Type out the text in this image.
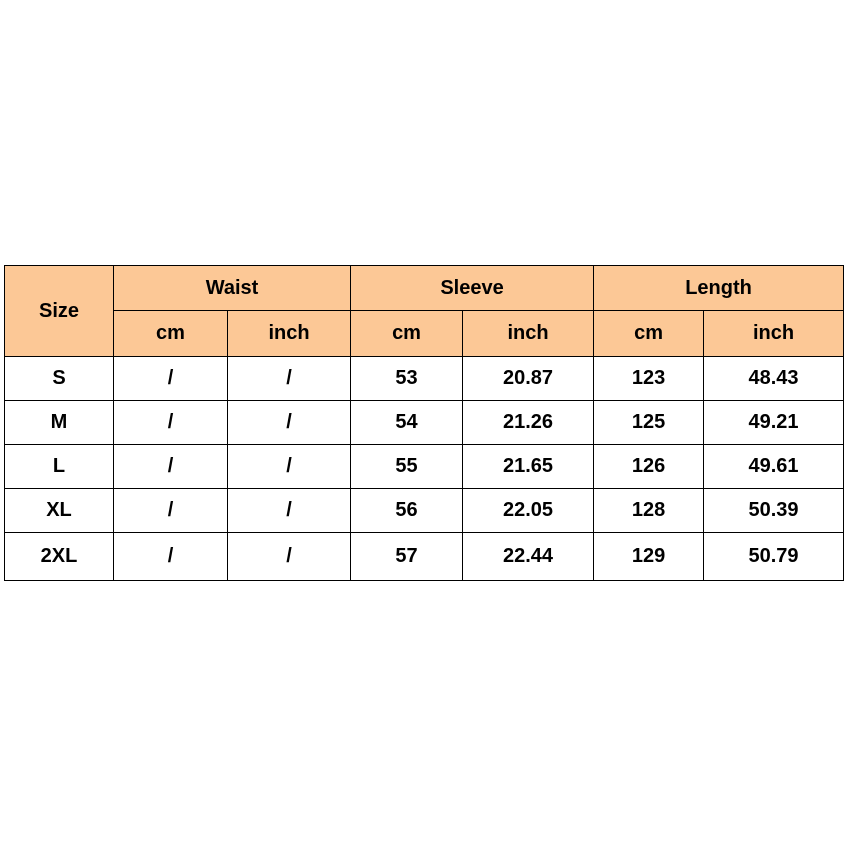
Size	Waist		Sleeve		Length	
	cm	inch	cm	inch	cm	inch
S	/	/	53	20.87	123	48.43
M	/	/	54	21.26	125	49.21
L	/	/	55	21.65	126	49.61
XL	/	/	56	22.05	128	50.39
2XL	/	/	57	22.44	129	50.79
